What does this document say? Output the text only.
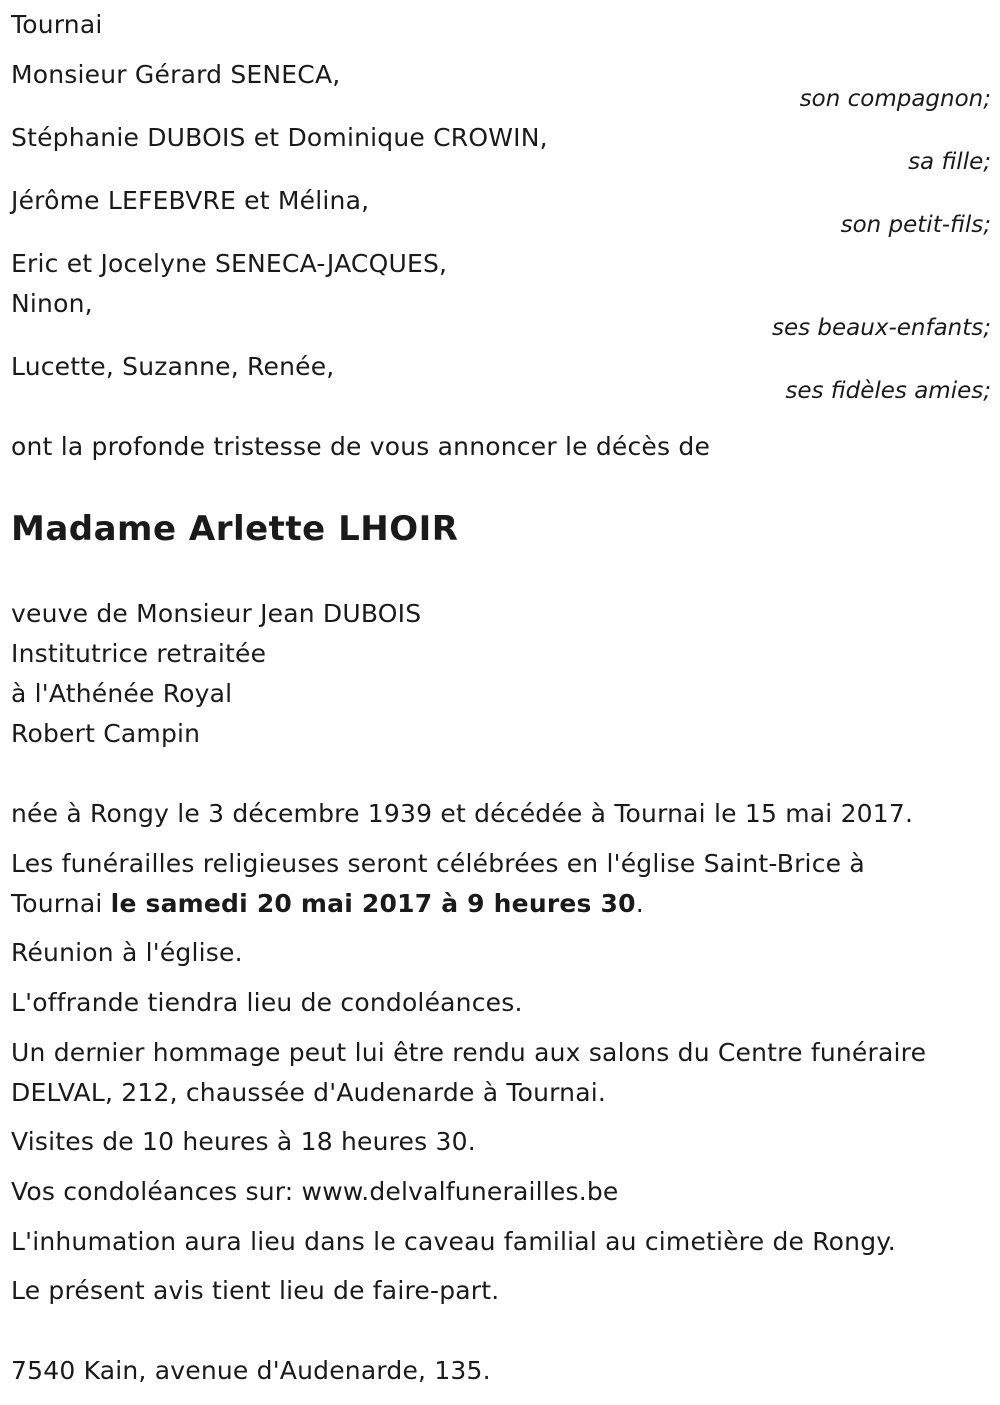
Tournai
Monsieur Gérard SENECA,
son compagnon;
Stéphanie DUBOIS et Dominique CROWIN,
sa fille;
Jérôme LEFEBVRE et Mélina,
son petit-fils;
Eric et Jocelyne SENECA-JACQUES,
Ninon,
ses beaux-enfants;
Lucette, Suzanne, Renée,
ses fidèles amies;
ont la profonde tristesse de vous annoncer le décès de
Madame Arlette LHOIR
veuve de Monsieur Jean DUBOIS
Institutrice retraitée
à l'Athénée Royal
Robert Campin
née à Rongy le 3 décembre 1939 et décédée à Tournai le 15 mai 2017.
Les funérailles religieuses seront célébrées en l'église Saint-Brice à
Tournai le samedi 20 mai 2017 à 9 heures 30.
Réunion à l'église.
L'offrande tiendra lieu de condoléances.
Un dernier hommage peut lui être rendu aux salons du Centre funéraire
DELVAL, 212, chaussée d'Audenarde à Tournai.
Visites de 10 heures à 18 heures 30.
Vos condoléances sur: www.delvalfunerailles.be
L'inhumation aura lieu dans le caveau familial au cimetière de Rongy.
Le présent avis tient lieu de faire-part.
7540 Kain, avenue d'Audenarde, 135.
